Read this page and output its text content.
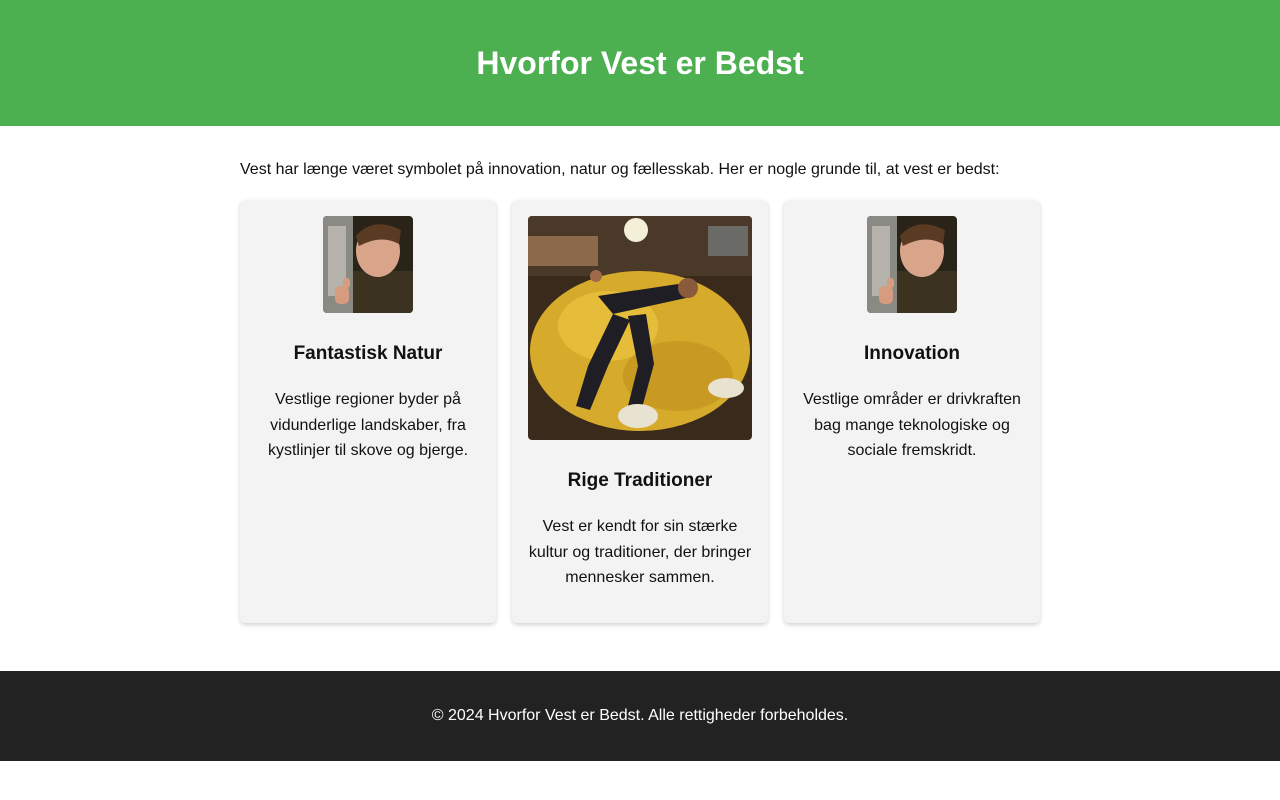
Hvorfor Vest er Bedst

Vest har længe været symbolet på innovation, natur og fællesskab. Her er nogle grunde til, at vest er bedst:

Fantastisk Natur

Vestlige regioner byder på vidunderlige landskaber, fra kystlinjer til skove og bjerge.

Rige Traditioner

Vest er kendt for sin stærke kultur og traditioner, der bringer mennesker sammen.

Innovation

Vestlige områder er drivkraften bag mange teknologiske og sociale fremskridt.

© 2024 Hvorfor Vest er Bedst. Alle rettigheder forbeholdes.
